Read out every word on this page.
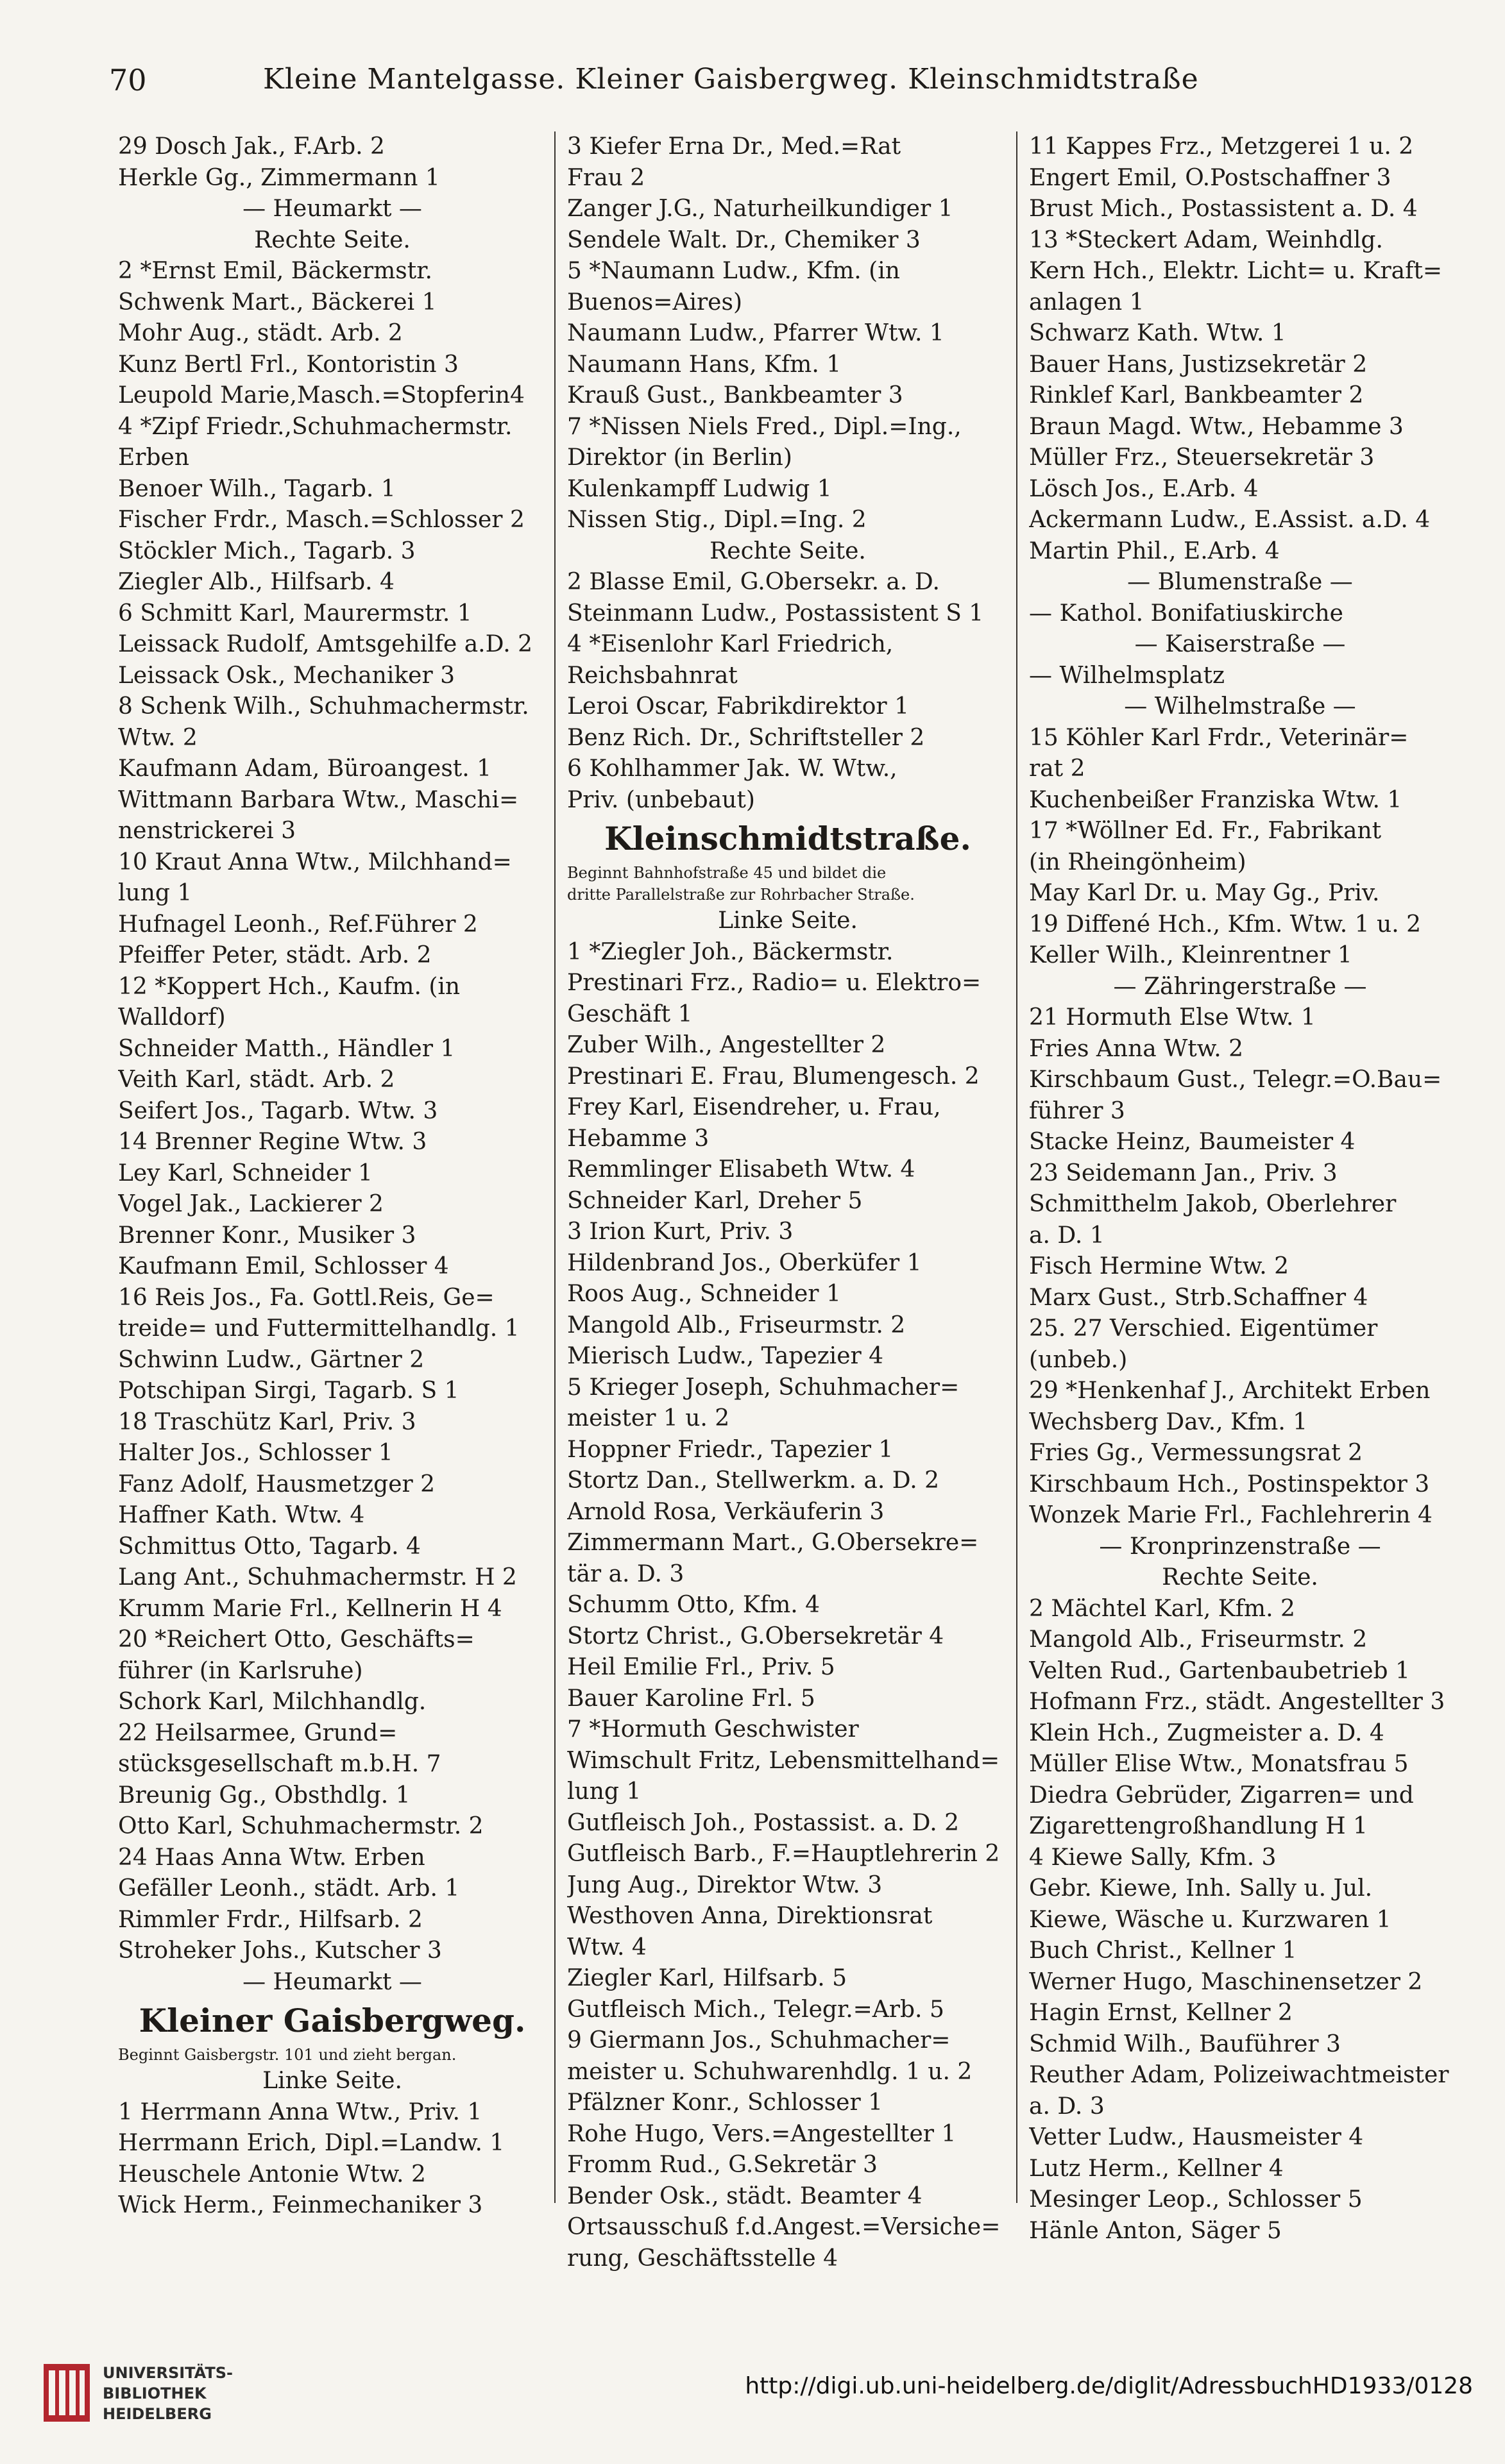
70	Kleine Mantelgasse. Kleiner Gaisbergweg. Kleinschmidtstraße
29 Dosch Jak., F.Arb. 2
Herkle Gg., Zimmermann 1
— Heumarkt —
Rechte Seite.
2 *Ernst Emil, Bäckermstr.
Schwenk Mart., Bäckerei 1
Mohr Aug., städt. Arb. 2
Kunz Bertl Frl., Kontoristin 3
Leupold Marie,Masch.=Stopferin4
4 *Zipf Friedr.,Schuhmachermstr.
Erben
Benoer Wilh., Tagarb. 1
Fischer Frdr., Masch.=Schlosser 2
Stöckler Mich., Tagarb. 3
Ziegler Alb., Hilfsarb. 4
6 Schmitt Karl, Maurermstr. 1
Leissack Rudolf, Amtsgehilfe a.D. 2
Leissack Osk., Mechaniker 3
8 Schenk Wilh., Schuhmachermstr.
Wtw. 2
Kaufmann Adam, Büroangest. 1
Wittmann Barbara Wtw., Maschi=
nenstrickerei 3
10 Kraut Anna Wtw., Milchhand=
lung 1
Hufnagel Leonh., Ref.Führer 2
Pfeiffer Peter, städt. Arb. 2
12 *Koppert Hch., Kaufm. (in
Walldorf)
Schneider Matth., Händler 1
Veith Karl, städt. Arb. 2
Seifert Jos., Tagarb. Wtw. 3
14 Brenner Regine Wtw. 3
Ley Karl, Schneider 1
Vogel Jak., Lackierer 2
Brenner Konr., Musiker 3
Kaufmann Emil, Schlosser 4
16 Reis Jos., Fa. Gottl.Reis, Ge=
treide= und Futtermittelhandlg. 1
Schwinn Ludw., Gärtner 2
Potschipan Sirgi, Tagarb. S 1
18 Traschütz Karl, Priv. 3
Halter Jos., Schlosser 1
Fanz Adolf, Hausmetzger 2
Haffner Kath. Wtw. 4
Schmittus Otto, Tagarb. 4
Lang Ant., Schuhmachermstr. H 2
Krumm Marie Frl., Kellnerin H 4
20 *Reichert Otto, Geschäfts=
führer (in Karlsruhe)
Schork Karl, Milchhandlg.
22 Heilsarmee, Grund=
stücksgesellschaft m.b.H. 7
Breunig Gg., Obsthdlg. 1
Otto Karl, Schuhmachermstr. 2
24 Haas Anna Wtw. Erben
Gefäller Leonh., städt. Arb. 1
Rimmler Frdr., Hilfsarb. 2
Stroheker Johs., Kutscher 3
— Heumarkt —
Kleiner Gaisbergweg.
Beginnt Gaisbergstr. 101 und zieht bergan.
Linke Seite.
1 Herrmann Anna Wtw., Priv. 1
Herrmann Erich, Dipl.=Landw. 1
Heuschele Antonie Wtw. 2
Wick Herm., Feinmechaniker 3
3 Kiefer Erna Dr., Med.=Rat
Frau 2
Zanger J.G., Naturheilkundiger 1
Sendele Walt. Dr., Chemiker 3
5 *Naumann Ludw., Kfm. (in
Buenos=Aires)
Naumann Ludw., Pfarrer Wtw. 1
Naumann Hans, Kfm. 1
Krauß Gust., Bankbeamter 3
7 *Nissen Niels Fred., Dipl.=Ing.,
Direktor (in Berlin)
Kulenkampff Ludwig 1
Nissen Stig., Dipl.=Ing. 2
Rechte Seite.
2 Blasse Emil, G.Obersekr. a. D.
Steinmann Ludw., Postassistent S 1
4 *Eisenlohr Karl Friedrich,
Reichsbahnrat
Leroi Oscar, Fabrikdirektor 1
Benz Rich. Dr., Schriftsteller 2
6 Kohlhammer Jak. W. Wtw.,
Priv. (unbebaut)
Kleinschmidtstraße.
Beginnt Bahnhofstraße 45 und bildet die
dritte Parallelstraße zur Rohrbacher Straße.
Linke Seite.
1 *Ziegler Joh., Bäckermstr.
Prestinari Frz., Radio= u. Elektro=
Geschäft 1
Zuber Wilh., Angestellter 2
Prestinari E. Frau, Blumengesch. 2
Frey Karl, Eisendreher, u. Frau,
Hebamme 3
Remmlinger Elisabeth Wtw. 4
Schneider Karl, Dreher 5
3 Irion Kurt, Priv. 3
Hildenbrand Jos., Oberküfer 1
Roos Aug., Schneider 1
Mangold Alb., Friseurmstr. 2
Mierisch Ludw., Tapezier 4
5 Krieger Joseph, Schuhmacher=
meister 1 u. 2
Hoppner Friedr., Tapezier 1
Stortz Dan., Stellwerkm. a. D. 2
Arnold Rosa, Verkäuferin 3
Zimmermann Mart., G.Obersekre=
tär a. D. 3
Schumm Otto, Kfm. 4
Stortz Christ., G.Obersekretär 4
Heil Emilie Frl., Priv. 5
Bauer Karoline Frl. 5
7 *Hormuth Geschwister
Wimschult Fritz, Lebensmittelhand=
lung 1
Gutfleisch Joh., Postassist. a. D. 2
Gutfleisch Barb., F.=Hauptlehrerin 2
Jung Aug., Direktor Wtw. 3
Westhoven Anna, Direktionsrat
Wtw. 4
Ziegler Karl, Hilfsarb. 5
Gutfleisch Mich., Telegr.=Arb. 5
9 Giermann Jos., Schuhmacher=
meister u. Schuhwarenhdlg. 1 u. 2
Pfälzner Konr., Schlosser 1
Rohe Hugo, Vers.=Angestellter 1
Fromm Rud., G.Sekretär 3
Bender Osk., städt. Beamter 4
Ortsausschuß f.d.Angest.=Versiche=
rung, Geschäftsstelle 4
11 Kappes Frz., Metzgerei 1 u. 2
Engert Emil, O.Postschaffner 3
Brust Mich., Postassistent a. D. 4
13 *Steckert Adam, Weinhdlg.
Kern Hch., Elektr. Licht= u. Kraft=
anlagen 1
Schwarz Kath. Wtw. 1
Bauer Hans, Justizsekretär 2
Rinklef Karl, Bankbeamter 2
Braun Magd. Wtw., Hebamme 3
Müller Frz., Steuersekretär 3
Lösch Jos., E.Arb. 4
Ackermann Ludw., E.Assist. a.D. 4
Martin Phil., E.Arb. 4
— Blumenstraße —
— Kathol. Bonifatiuskirche
— Kaiserstraße —
— Wilhelmsplatz
— Wilhelmstraße —
15 Köhler Karl Frdr., Veterinär=
rat 2
Kuchenbeißer Franziska Wtw. 1
17 *Wöllner Ed. Fr., Fabrikant
(in Rheingönheim)
May Karl Dr. u. May Gg., Priv.
19 Diffené Hch., Kfm. Wtw. 1 u. 2
Keller Wilh., Kleinrentner 1
— Zähringerstraße —
21 Hormuth Else Wtw. 1
Fries Anna Wtw. 2
Kirschbaum Gust., Telegr.=O.Bau=
führer 3
Stacke Heinz, Baumeister 4
23 Seidemann Jan., Priv. 3
Schmitthelm Jakob, Oberlehrer
a. D. 1
Fisch Hermine Wtw. 2
Marx Gust., Strb.Schaffner 4
25. 27 Verschied. Eigentümer
(unbeb.)
29 *Henkenhaf J., Architekt Erben
Wechsberg Dav., Kfm. 1
Fries Gg., Vermessungsrat 2
Kirschbaum Hch., Postinspektor 3
Wonzek Marie Frl., Fachlehrerin 4
— Kronprinzenstraße —
Rechte Seite.
2 Mächtel Karl, Kfm. 2
Mangold Alb., Friseurmstr. 2
Velten Rud., Gartenbaubetrieb 1
Hofmann Frz., städt. Angestellter 3
Klein Hch., Zugmeister a. D. 4
Müller Elise Wtw., Monatsfrau 5
Diedra Gebrüder, Zigarren= und
Zigarettengroßhandlung H 1
4 Kiewe Sally, Kfm. 3
Gebr. Kiewe, Inh. Sally u. Jul.
Kiewe, Wäsche u. Kurzwaren 1
Buch Christ., Kellner 1
Werner Hugo, Maschinensetzer 2
Hagin Ernst, Kellner 2
Schmid Wilh., Bauführer 3
Reuther Adam, Polizeiwachtmeister
a. D. 3
Vetter Ludw., Hausmeister 4
Lutz Herm., Kellner 4
Mesinger Leop., Schlosser 5
Hänle Anton, Säger 5
UNIVERSITÄTS-
BIBLIOTHEK
HEIDELBERG
http://digi.ub.uni-heidelberg.de/diglit/AdressbuchHD1933/0128
